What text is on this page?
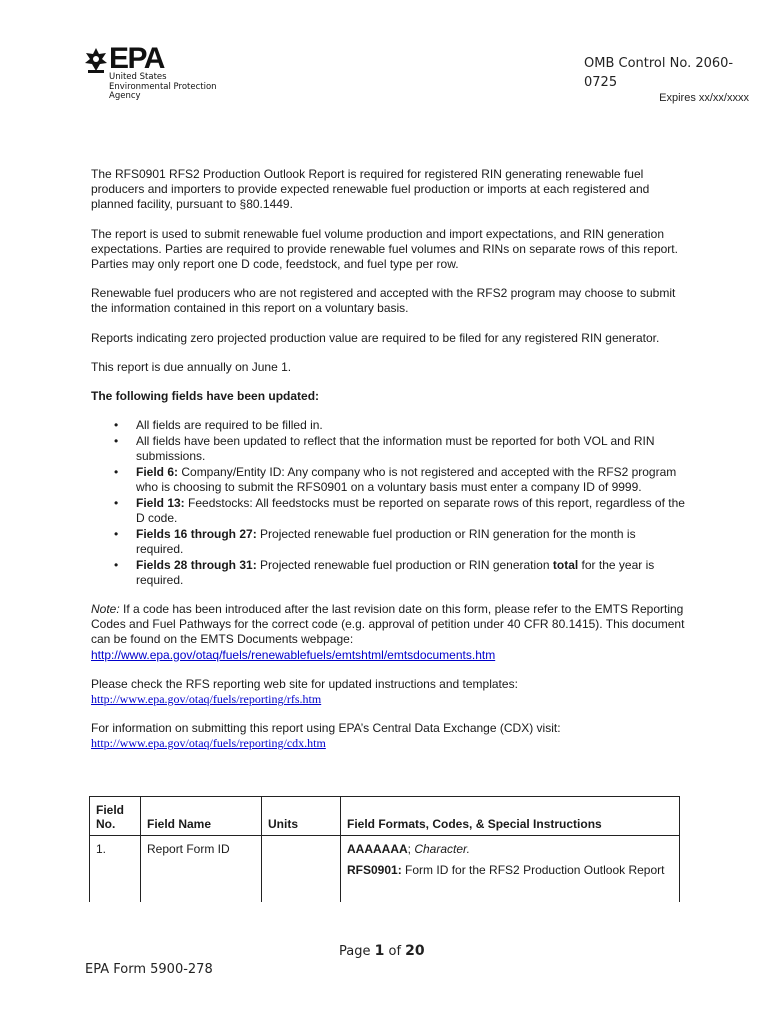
EPA
United States
Environmental Protection
Agency
OMB Control No. 2060-0725
Expires xx/xx/xxxx

The RFS0901 RFS2 Production Outlook Report is required for registered RIN generating renewable fuel producers and importers to provide expected renewable fuel production or imports at each registered and planned facility, pursuant to §80.1449.

The report is used to submit renewable fuel volume production and import expectations, and RIN generation expectations. Parties are required to provide renewable fuel volumes and RINs on separate rows of this report. Parties may only report one D code, feedstock, and fuel type per row.

Renewable fuel producers who are not registered and accepted with the RFS2 program may choose to submit the information contained in this report on a voluntary basis.

Reports indicating zero projected production value are required to be filed for any registered RIN generator.

This report is due annually on June 1.

The following fields have been updated:

• All fields are required to be filled in.
• All fields have been updated to reflect that the information must be reported for both VOL and RIN submissions.
• Field 6: Company/Entity ID: Any company who is not registered and accepted with the RFS2 program who is choosing to submit the RFS0901 on a voluntary basis must enter a company ID of 9999.
• Field 13: Feedstocks: All feedstocks must be reported on separate rows of this report, regardless of the D code.
• Fields 16 through 27: Projected renewable fuel production or RIN generation for the month is required.
• Fields 28 through 31: Projected renewable fuel production or RIN generation total for the year is required.

Note: If a code has been introduced after the last revision date on this form, please refer to the EMTS Reporting Codes and Fuel Pathways for the correct code (e.g. approval of petition under 40 CFR 80.1415). This document can be found on the EMTS Documents webpage:
http://www.epa.gov/otaq/fuels/renewablefuels/emtshtml/emtsdocuments.htm

Please check the RFS reporting web site for updated instructions and templates:
http://www.epa.gov/otaq/fuels/reporting/rfs.htm

For information on submitting this report using EPA’s Central Data Exchange (CDX) visit:
http://www.epa.gov/otaq/fuels/reporting/cdx.htm

Field No.	Field Name	Units	Field Formats, Codes, & Special Instructions
1.	Report Form ID		AAAAAAA; Character.
RFS0901: Form ID for the RFS2 Production Outlook Report
Page 1 of 20
EPA Form 5900-278
